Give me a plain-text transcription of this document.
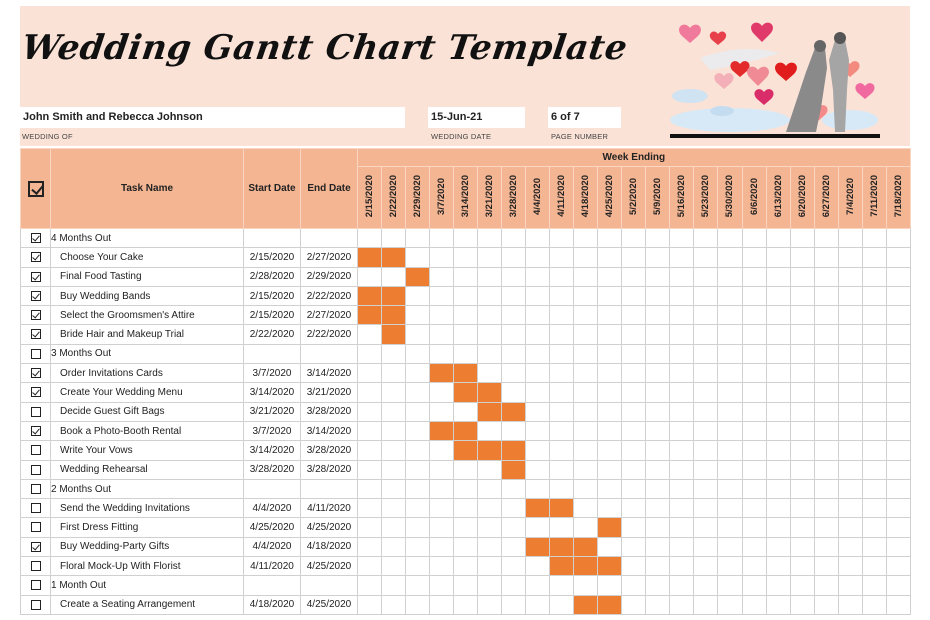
Wedding Gantt Chart Template
John Smith and Rebecca Johnson
WEDDING OF
15-Jun-21
WEDDING DATE
6 of 7
PAGE NUMBER
	Task Name	Start Date	End Date	Week Ending																						
				2/15/2020	2/22/2020	2/29/2020	3/7/2020	3/14/2020	3/21/2020	3/28/2020	4/4/2020	4/11/2020	4/18/2020	4/25/2020	5/2/2020	5/9/2020	5/16/2020	5/23/2020	5/30/2020	6/6/2020	6/13/2020	6/20/2020	6/27/2020	7/4/2020	7/11/2020	7/18/2020
	4 Months Out																									
	Choose Your Cake	2/15/2020	2/27/2020																							
	Final Food Tasting	2/28/2020	2/29/2020																							
	Buy Wedding Bands	2/15/2020	2/22/2020																							
	Select the Groomsmen's Attire	2/15/2020	2/27/2020																							
	Bride Hair and Makeup Trial	2/22/2020	2/22/2020																							
	3 Months Out																									
	Order Invitations Cards	3/7/2020	3/14/2020																							
	Create Your Wedding Menu	3/14/2020	3/21/2020																							
	Decide Guest Gift Bags	3/21/2020	3/28/2020																							
	Book a Photo-Booth Rental	3/7/2020	3/14/2020																							
	Write Your Vows	3/14/2020	3/28/2020																							
	Wedding Rehearsal	3/28/2020	3/28/2020																							
	2 Months Out																									
	Send the Wedding Invitations	4/4/2020	4/11/2020																							
	First Dress Fitting	4/25/2020	4/25/2020																							
	Buy Wedding-Party Gifts	4/4/2020	4/18/2020																							
	Floral Mock-Up With Florist	4/11/2020	4/25/2020																							
	1 Month Out																									
	Create a Seating Arrangement	4/18/2020	4/25/2020																							
